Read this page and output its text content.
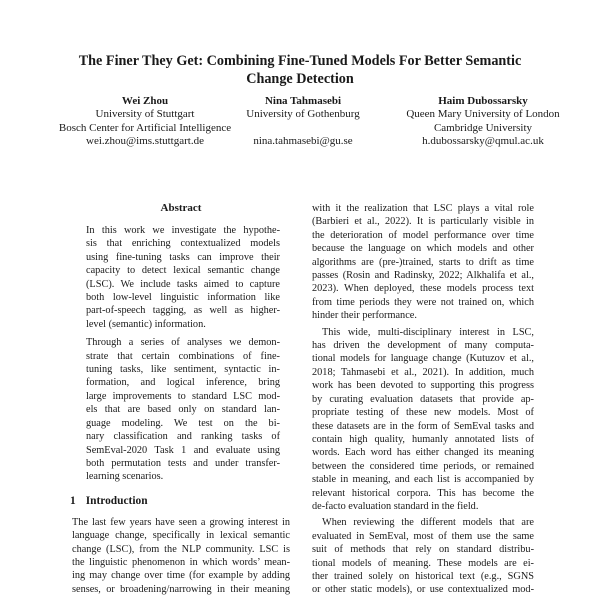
The Finer They Get: Combining Fine-Tuned Models For Better Semantic
Change Detection
Wei Zhou
University of Stuttgart
Bosch Center for Artificial Intelligence
wei.zhou@ims.stuttgart.de
Nina Tahmasebi
University of Gothenburg

nina.tahmasebi@gu.se
Haim Dubossarsky
Queen Mary University of London
Cambridge University
h.dubossarsky@qmul.ac.uk
Abstract

In this work we investigate the hypothe-
sis that enriching contextualized models
using fine-tuning tasks can improve their
capacity to detect lexical semantic change
(LSC). We include tasks aimed to capture
both low-level linguistic information like
part-of-speech tagging, as well as higher-
level (semantic) information.

Through a series of analyses we demon-
strate that certain combinations of fine-
tuning tasks, like sentiment, syntactic in-
formation, and logical inference, bring
large improvements to standard LSC mod-
els that are based only on standard lan-
guage modeling. We test on the bi-
nary classification and ranking tasks of
SemEval-2020 Task 1 and evaluate using
both permutation tests and under transfer-
learning scenarios.

1 Introduction

The last few years have seen a growing interest in
language change, specifically in lexical semantic
change (LSC), from the NLP community. LSC is
the linguistic phenomenon in which words’ mean-
ing may change over time (for example by adding
senses, or broadening/narrowing in their meaning

with it the realization that LSC plays a vital role
(Barbieri et al., 2022). It is particularly visible in
the deterioration of model performance over time
because the language on which models and other
algorithms are (pre-)trained, starts to drift as time
passes (Rosin and Radinsky, 2022; Alkhalifa et al.,
2023). When deployed, these models process text
from time periods they were not trained on, which
hinder their performance.

This wide, multi-disciplinary interest in LSC,
has driven the development of many computa-
tional models for language change (Kutuzov et al.,
2018; Tahmasebi et al., 2021). In addition, much
work has been devoted to supporting this progress
by curating evaluation datasets that provide ap-
propriate testing of these new models. Most of
these datasets are in the form of SemEval tasks and
contain high quality, humanly annotated lists of
words. Each word has either changed its meaning
between the considered time periods, or remained
stable in meaning, and each list is accompanied by
relevant historical corpora. This has become the
de-facto evaluation standard in the field.

When reviewing the different models that are
evaluated in SemEval, most of them use the same
suit of methods that rely on standard distribu-
tional models of meaning. These models are ei-
ther trained solely on historical text (e.g., SGNS
or other static models), or use contextualized mod-
